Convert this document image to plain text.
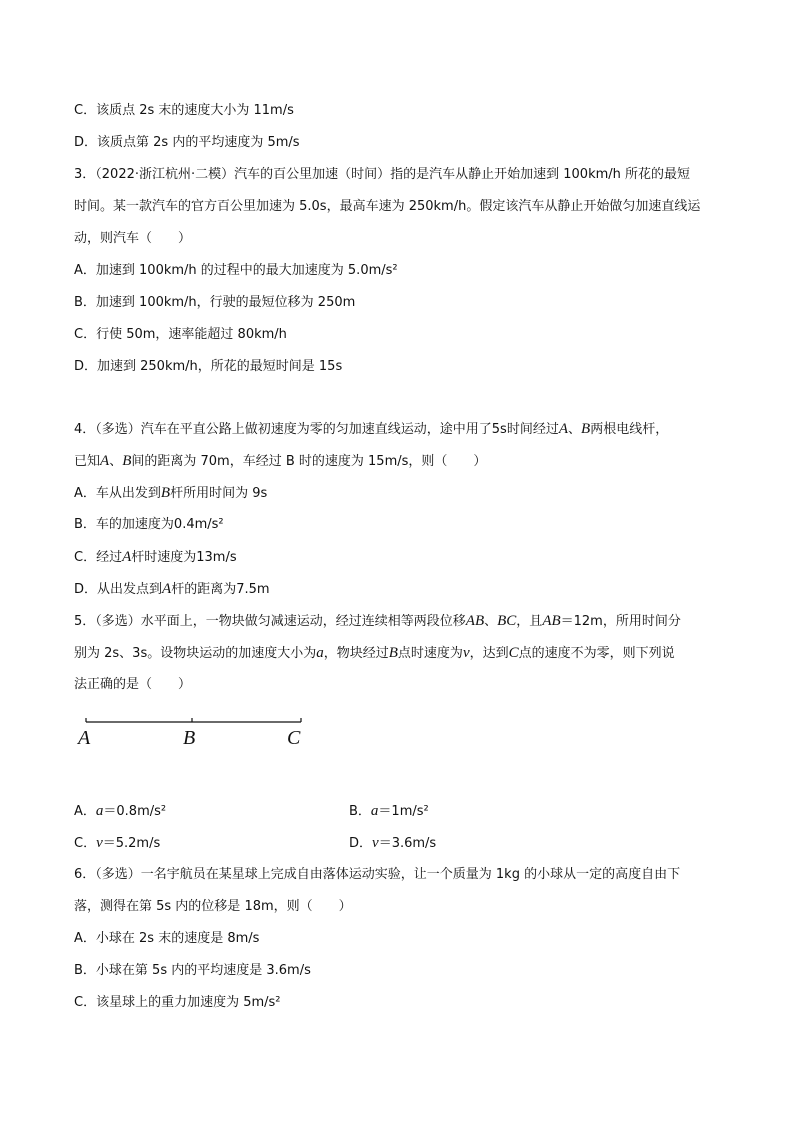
C．该质点 2s 末的速度大小为 11m/s
D．该质点第 2s 内的平均速度为 5m/s
3．（2022·浙江杭州·二模）汽车的百公里加速（时间）指的是汽车从静止开始加速到 100km/h 所花的最短
时间。某一款汽车的官方百公里加速为 5.0s，最高车速为 250km/h。假定该汽车从静止开始做匀加速直线运
动，则汽车（　　）
A．加速到 100km/h 的过程中的最大加速度为 5.0m/s²
B．加速到 100km/h，行驶的最短位移为 250m
C．行使 50m，速率能超过 80km/h
D．加速到 250km/h，所花的最短时间是 15s
4．（多选）汽车在平直公路上做初速度为零的匀加速直线运动，途中用了5s时间经过A、B两根电线杆，
已知A、B间的距离为 70m，车经过 B 时的速度为 15m/s，则（　　）
A．车从出发到B杆所用时间为 9s
B．车的加速度为0.4m/s²
C．经过A杆时速度为13m/s
D．从出发点到A杆的距离为7.5m
5．（多选）水平面上，一物块做匀减速运动，经过连续相等两段位移AB、BC，且AB＝12m，所用时间分
别为 2s、3s。设物块运动的加速度大小为a，物块经过B点时速度为v，达到C点的速度不为零，则下列说
法正确的是（　　）
A	B	C
A．a＝0.8m/s²	B．a＝1m/s²
C．v＝5.2m/s	D．v＝3.6m/s
6．（多选）一名宇航员在某星球上完成自由落体运动实验，让一个质量为 1kg 的小球从一定的高度自由下
落，测得在第 5s 内的位移是 18m，则（　　）
A．小球在 2s 末的速度是 8m/s
B．小球在第 5s 内的平均速度是 3.6m/s
C．该星球上的重力加速度为 5m/s²
